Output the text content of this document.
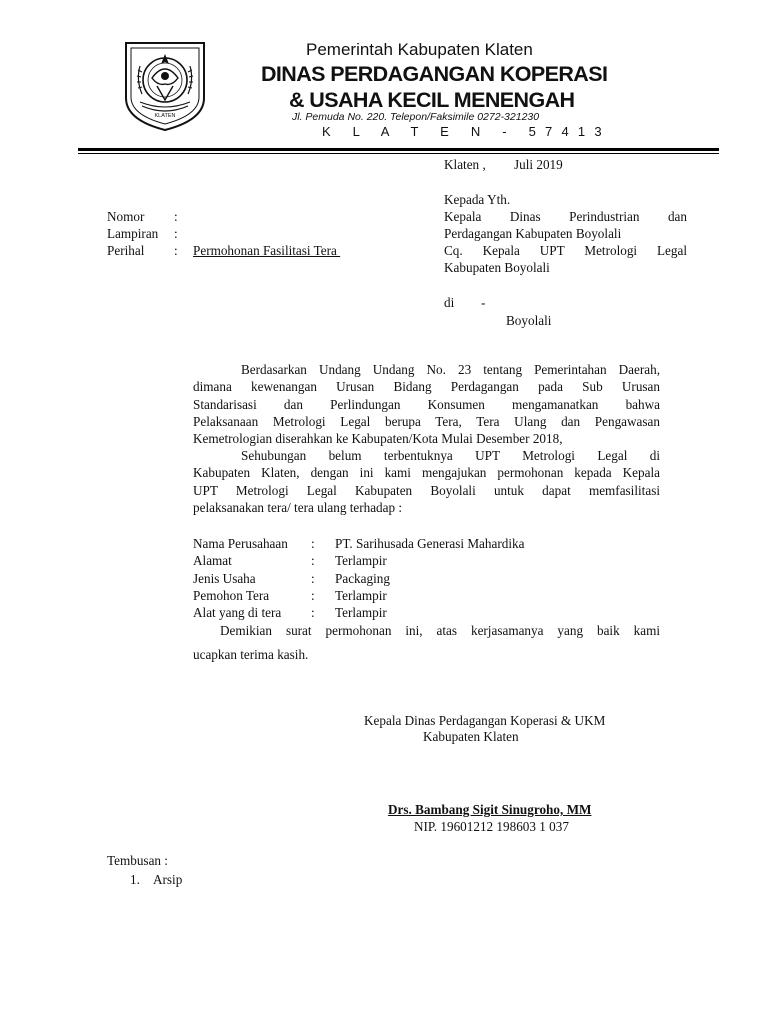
KLATEN
Pemerintah Kabupaten Klaten
DINAS PERDAGANGAN KOPERASI
& USAHA KECIL MENENGAH
Jl. Pemuda No. 220. Telepon/Faksimile 0272-321230
K L A T E N - 57413
Klaten , Juli 2019
Nomor :
Lampiran :
Perihal : Permohonan Fasilitasi Tera
Kepada Yth.
Kepala Dinas Perindustrian dan
Perdagangan Kabupaten Boyolali
Cq. Kepala UPT Metrologi Legal
Kabupaten Boyolali
di -
Boyolali
Berdasarkan Undang Undang No. 23 tentang Pemerintahan Daerah,
dimana kewenangan Urusan Bidang Perdagangan pada Sub Urusan
Standarisasi dan Perlindungan Konsumen mengamanatkan bahwa
Pelaksanaan Metrologi Legal berupa Tera, Tera Ulang dan Pengawasan
Kemetrologian diserahkan ke Kabupaten/Kota Mulai Desember 2018,
Sehubungan belum terbentuknya UPT Metrologi Legal di
Kabupaten Klaten, dengan ini kami mengajukan permohonan kepada Kepala
UPT Metrologi Legal Kabupaten Boyolali untuk dapat memfasilitasi
pelaksanakan tera/ tera ulang terhadap :
Nama Perusahaan : PT. Sarihusada Generasi Mahardika
Alamat	: Terlampir
Jenis Usaha	: Packaging
Pemohon Tera	: Terlampir
Alat yang di tera : Terlampir
Demikian surat permohonan ini, atas kerjasamanya yang baik kami
ucapkan terima kasih.
Kepala Dinas Perdagangan Koperasi & UKM
Kabupaten Klaten
Drs. Bambang Sigit Sinugroho, MM
NIP. 19601212 198603 1 037
Tembusan :
1. Arsip
